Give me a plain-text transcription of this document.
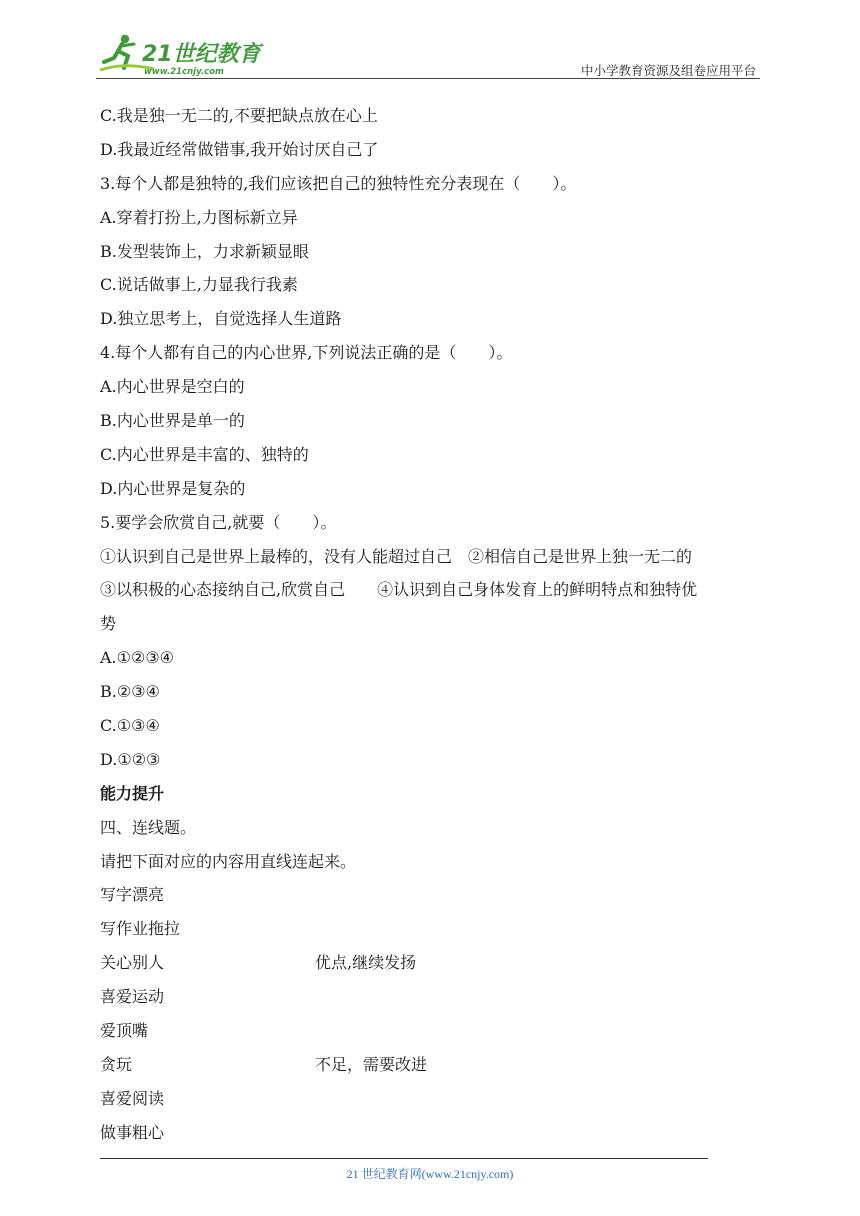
21世纪教育
www.21cnjy.com	中小学教育资源及组卷应用平台
C.我是独一无二的,不要把缺点放在心上
D.我最近经常做错事,我开始讨厌自己了
3.每个人都是独特的,我们应该把自己的独特性充分表现在（　　）。
A.穿着打扮上,力图标新立异
B.发型装饰上，力求新颖显眼
C.说话做事上,力显我行我素
D.独立思考上，自觉选择人生道路
4.每个人都有自己的内心世界,下列说法正确的是（　　）。
A.内心世界是空白的
B.内心世界是单一的
C.内心世界是丰富的、独特的
D.内心世界是复杂的
5.要学会欣赏自己,就要（　　）。
①认识到自己是世界上最棒的，没有人能超过自己　②相信自己是世界上独一无二的
③以积极的心态接纳自己,欣赏自己　　④认识到自己身体发育上的鲜明特点和独特优
势
A.①②③④
B.②③④
C.①③④
D.①②③
能力提升
四、连线题。
请把下面对应的内容用直线连起来。
写字漂亮
写作业拖拉
关心别人	优点,继续发扬
喜爱运动
爱顶嘴
贪玩	不足，需要改进
喜爱阅读
做事粗心
21 世纪教育网(www.21cnjy.com)
